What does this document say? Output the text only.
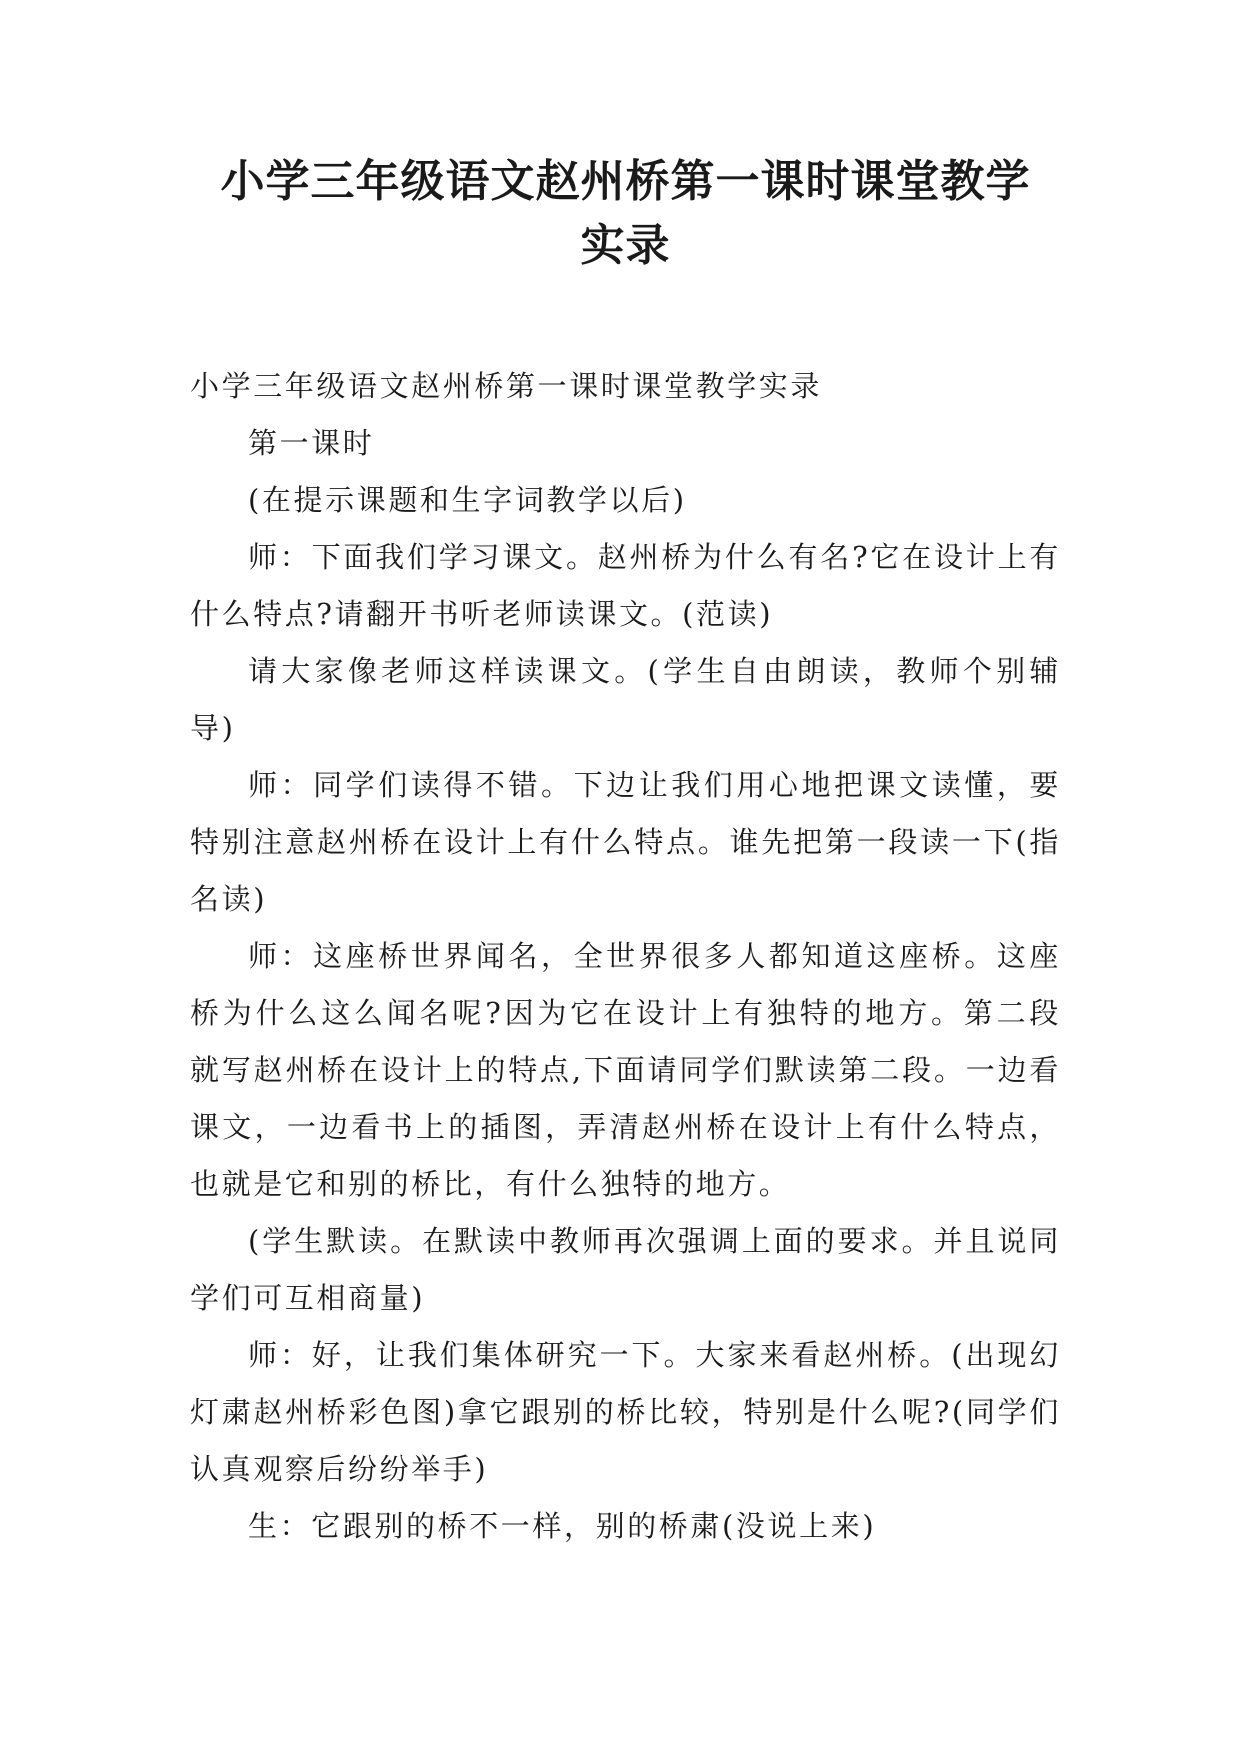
小学三年级语文赵州桥第一课时课堂教学
实录

小学三年级语文赵州桥第一课时课堂教学实录

第一课时

(在提示课题和生字词教学以后)

师：下面我们学习课文。赵州桥为什么有名?它在设计上有什么特点?请翻开书听老师读课文。(范读)

请大家像老师这样读课文。(学生自由朗读，教师个别辅导)

师：同学们读得不错。下边让我们用心地把课文读懂，要特别注意赵州桥在设计上有什么特点。谁先把第一段读一下(指名读)

师：这座桥世界闻名，全世界很多人都知道这座桥。这座桥为什么这么闻名呢?因为它在设计上有独特的地方。第二段就写赵州桥在设计上的特点,下面请同学们默读第二段。一边看课文，一边看书上的插图，弄清赵州桥在设计上有什么特点，也就是它和别的桥比，有什么独特的地方。

(学生默读。在默读中教师再次强调上面的要求。并且说同学们可互相商量)

师：好，让我们集体研究一下。大家来看赵州桥。(出现幻灯粛赵州桥彩色图)拿它跟别的桥比较，特别是什么呢?(同学们认真观察后纷纷举手)

生：它跟别的桥不一样，别的桥粛(没说上来)
